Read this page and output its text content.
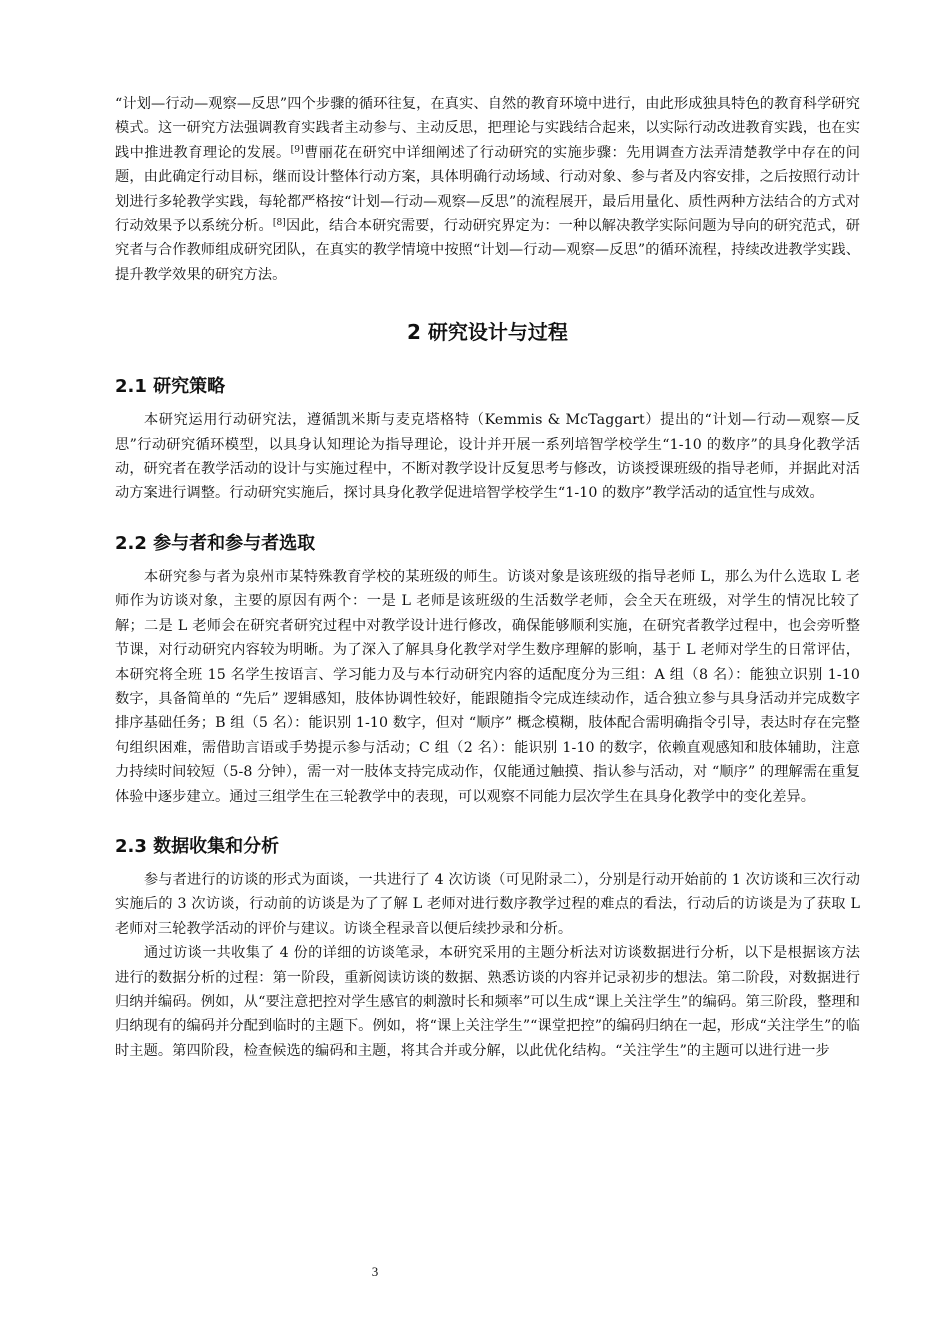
“计划—行动—观察—反思”四个步骤的循环往复，在真实、自然的教育环境中进行，由此形成独具特色的教育科学研究模式。这一研究方法强调教育实践者主动参与、主动反思，把理论与实践结合起来，以实际行动改进教育实践，也在实践中推进教育理论的发展。[9]曹丽花在研究中详细阐述了行动研究的实施步骤：先用调查方法弄清楚教学中存在的问题，由此确定行动目标，继而设计整体行动方案，具体明确行动场域、行动对象、参与者及内容安排，之后按照行动计划进行多轮教学实践，每轮都严格按“计划—行动—观察—反思”的流程展开，最后用量化、质性两种方法结合的方式对行动效果予以系统分析。[8]因此，结合本研究需要，行动研究界定为：一种以解决教学实际问题为导向的研究范式，研究者与合作教师组成研究团队，在真实的教学情境中按照“计划—行动—观察—反思”的循环流程，持续改进教学实践、提升教学效果的研究方法。

2 研究设计与过程
2.1 研究策略

本研究运用行动研究法，遵循凯米斯与麦克塔格特（Kemmis & McTaggart）提出的“计划—行动—观察—反思”行动研究循环模型，以具身认知理论为指导理论，设计并开展一系列培智学校学生“1-10 的数序”的具身化教学活动，研究者在教学活动的设计与实施过程中，不断对教学设计反复思考与修改，访谈授课班级的指导老师，并据此对活动方案进行调整。行动研究实施后，探讨具身化教学促进培智学校学生“1-10 的数序”教学活动的适宜性与成效。

2.2 参与者和参与者选取

本研究参与者为泉州市某特殊教育学校的某班级的师生。访谈对象是该班级的指导老师 L，那么为什么选取 L 老师作为访谈对象，主要的原因有两个：一是 L 老师是该班级的生活数学老师，会全天在班级，对学生的情况比较了解；二是 L 老师会在研究者研究过程中对教学设计进行修改，确保能够顺利实施，在研究者教学过程中，也会旁听整节课，对行动研究内容较为明晰。为了深入了解具身化教学对学生数序理解的影响，基于 L 老师对学生的日常评估，本研究将全班 15 名学生按语言、学习能力及与本行动研究内容的适配度分为三组：A 组（8 名）：能独立识别 1-10 数字，具备简单的 “先后” 逻辑感知，肢体协调性较好，能跟随指令完成连续动作，适合独立参与具身活动并完成数字排序基础任务；B 组（5 名）：能识别 1-10 数字，但对 “顺序” 概念模糊，肢体配合需明确指令引导，表达时存在完整句组织困难，需借助言语或手势提示参与活动；C 组（2 名）：能识别 1-10 的数字，依赖直观感知和肢体辅助，注意力持续时间较短（5-8 分钟），需一对一肢体支持完成动作，仅能通过触摸、指认参与活动，对 “顺序” 的理解需在重复体验中逐步建立。通过三组学生在三轮教学中的表现，可以观察不同能力层次学生在具身化教学中的变化差异。

2.3 数据收集和分析

参与者进行的访谈的形式为面谈，一共进行了 4 次访谈（可见附录二），分别是行动开始前的 1 次访谈和三次行动实施后的 3 次访谈，行动前的访谈是为了了解 L 老师对进行数序教学过程的难点的看法，行动后的访谈是为了获取 L 老师对三轮教学活动的评价与建议。访谈全程录音以便后续抄录和分析。

通过访谈一共收集了 4 份的详细的访谈笔录，本研究采用的主题分析法对访谈数据进行分析，以下是根据该方法进行的数据分析的过程：第一阶段，重新阅读访谈的数据、熟悉访谈的内容并记录初步的想法。第二阶段，对数据进行归纳并编码。例如，从“要注意把控对学生感官的刺激时长和频率”可以生成“课上关注学生”的编码。第三阶段，整理和归纳现有的编码并分配到临时的主题下。例如，将“课上关注学生”“课堂把控”的编码归纳在一起，形成“关注学生”的临时主题。第四阶段，检查候选的编码和主题，将其合并或分解，以此优化结构。“关注学生”的主题可以进行进一步

3
